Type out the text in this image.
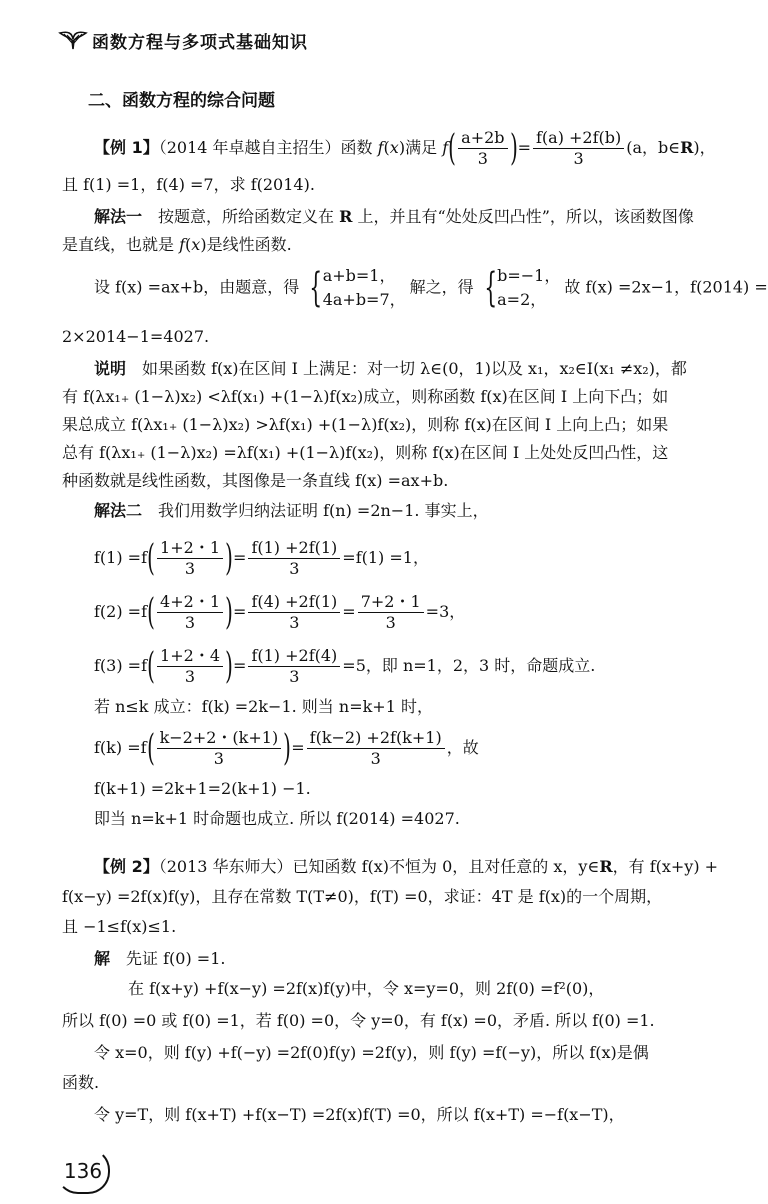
函数方程与多项式基础知识
二、函数方程的综合问题
【例 1】（2014 年卓越自主招生）函数 f(x)满足 $f( \frac{a+2b}{3}$ )= $\frac{f(a) +2f(b)}{3} (a$，b∈R)，
且 f(1) =1，f(4) =7，求 f(2014).
解法一　 按题意，所给函数定义在 R 上，并且有“处处反凹凸性”，所以，该函数图像
是直线，也就是 f(x)是线性函数.
设 f(x) =ax+b，由题意，得 { a+b=1，
4a+b=7，
解之，得 { b=−1，
a=2，
故 f(x) =2x−1，f(2014) =
2×2014−1=4027.
说明　 如果函数 f(x)在区间 I 上满足：对一切 λ∈(0，1)以及 x₁，x₂∈I(x₁ ≠x₂)，都
有 f(λx₁₊ (1−λ)x₂) <λf(x₁) +(1−λ)f(x₂)成立，则称函数 f(x)在区间 I 上向下凸；如
果总成立 f(λx₁₊ (1−λ)x₂) >λf(x₁) +(1−λ)f(x₂)，则称 f(x)在区间 I 上向上凸；如果
总有 f(λx₁₊ (1−λ)x₂) =λf(x₁) +(1−λ)f(x₂)，则称 f(x)在区间 I 上处处反凹凸性，这
种函数就是线性函数，其图像是一条直线 f(x) =ax+b.
解法二　 我们用数学归纳法证明 f(n) =2n−1. 事实上，
$f(1) =f( \frac{1+2・1}{3}$ )= $\frac{f(1) +2f(1)}{3} =f(1) =1$，
$f(2) =f( \frac{4+2・1}{3}$ )= $\frac{f(4) +2f(1)}{3} = \frac{7+2・1}{3} =3$，
$f(3) =f( \frac{1+2・4}{3}$ )= $\frac{f(1) +2f(4)}{3} =5$，即 n=1，2，3 时，命题成立.
若 n≤k 成立：f(k) =2k−1. 则当 n=k+1 时，
$f(k) =f( \frac{k-2+2・(k+1)}{3}$ )= $\frac{f(k-2) +2f(k+1)}{3}$ ，故
f(k+1) =2k+1=2(k+1) −1.
即当 n=k+1 时命题也成立. 所以 f(2014) =4027.
【例 2】（2013 华东师大）已知函数 f(x)不恒为 0，且对任意的 x，y∈R，有 f(x+y) +
f(x−y) =2f(x)f(y)，且存在常数 T(T≠0)，f(T) =0，求证：4T 是 f(x)的一个周期，
且 −1≤f(x)≤1.
解　 先证 f(0) =1.
在 f(x+y) +f(x−y) =2f(x)f(y)中，令 x=y=0，则 2f(0) =f²(0)，
所以 f(0) =0 或 f(0) =1，若 f(0) =0，令 y=0，有 f(x) =0，矛盾. 所以 f(0) =1.
令 x=0，则 f(y) +f(−y) =2f(0)f(y) =2f(y)，则 f(y) =f(−y)，所以 f(x)是偶
函数.
令 y=T，则 f(x+T) +f(x−T) =2f(x)f(T) =0，所以 f(x+T) =−f(x−T)，
136
